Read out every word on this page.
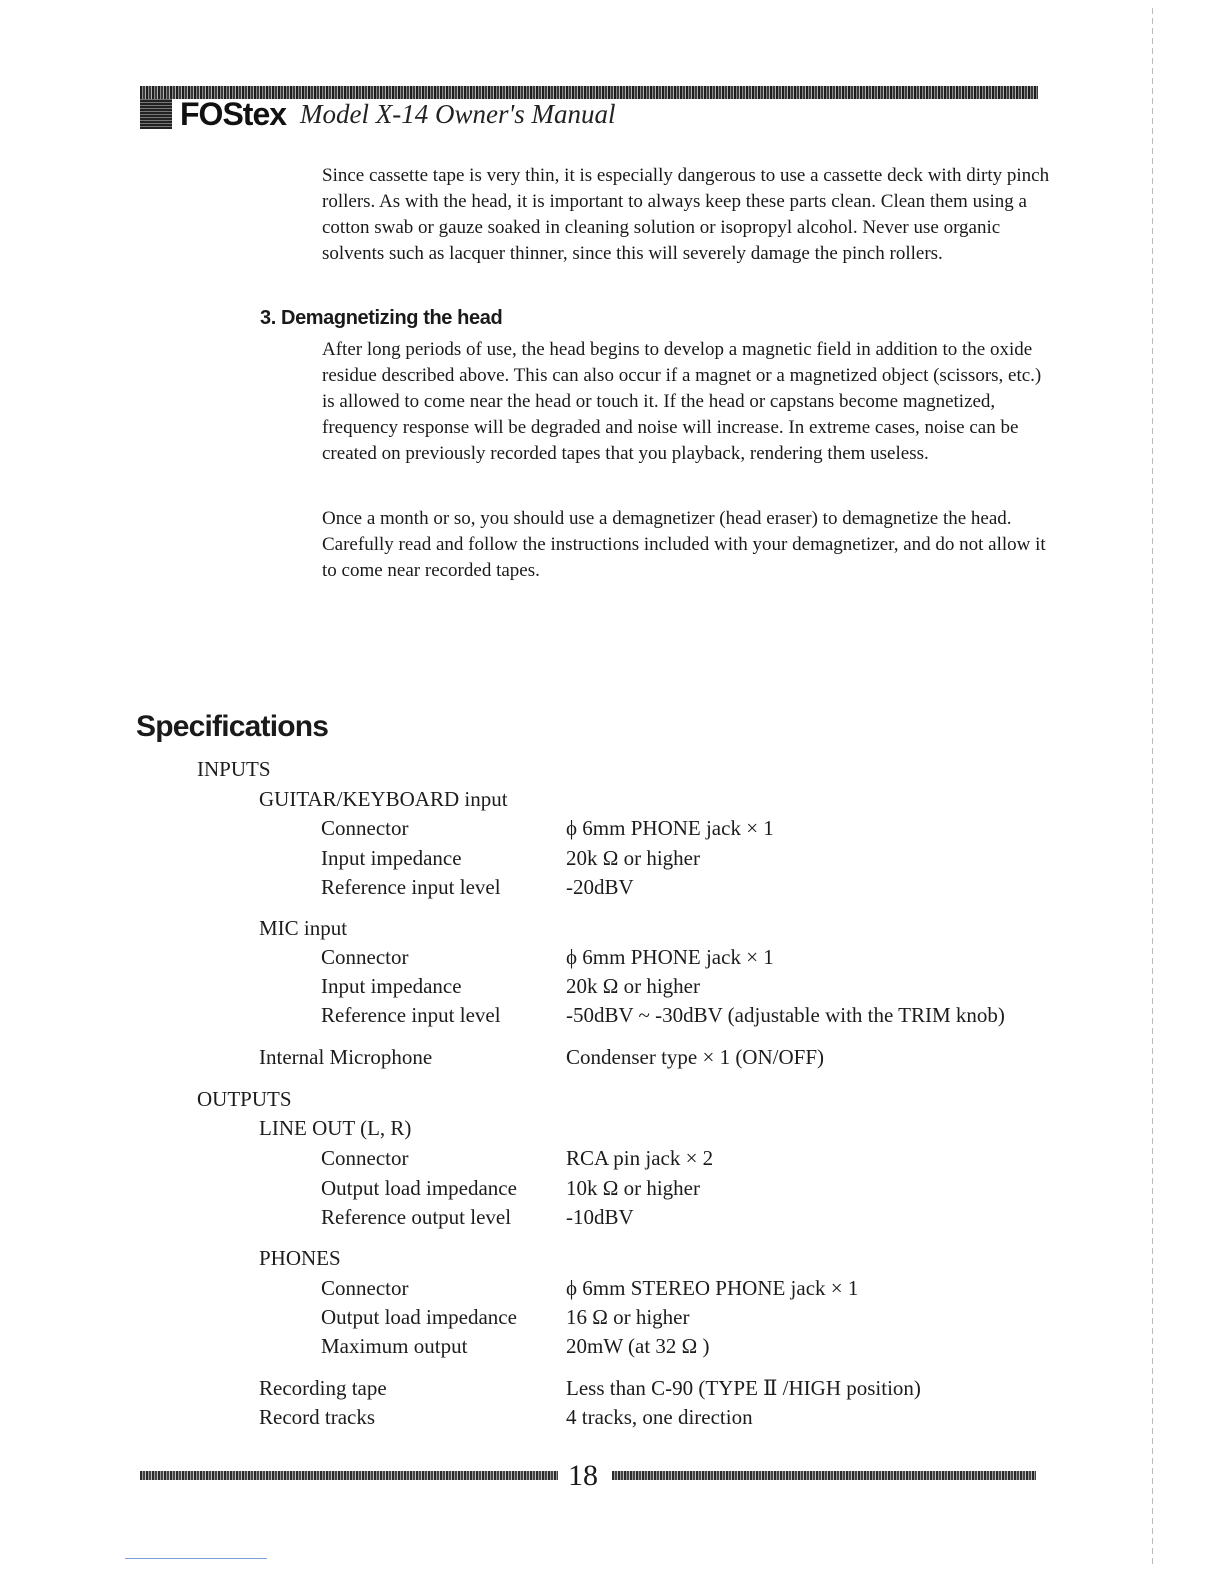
FOStex Model X-14 Owner's Manual
Since cassette tape is very thin, it is especially dangerous to use a cassette deck with dirty pinch rollers. As with the head, it is important to always keep these parts clean. Clean them using a cotton swab or gauze soaked in cleaning solution or isopropyl alcohol. Never use organic solvents such as lacquer thinner, since this will severely damage the pinch rollers.
3. Demagnetizing the head
After long periods of use, the head begins to develop a magnetic field in addition to the oxide residue described above. This can also occur if a magnet or a magnetized object (scissors, etc.) is allowed to come near the head or touch it. If the head or capstans become magnetized, frequency response will be degraded and noise will increase. In extreme cases, noise can be created on previously recorded tapes that you playback, rendering them useless.
Once a month or so, you should use a demagnetizer (head eraser) to demagnetize the head. Carefully read and follow the instructions included with your demagnetizer, and do not allow it to come near recorded tapes.
Specifications
INPUTS
GUITAR/KEYBOARD input
Connector	ϕ 6mm PHONE jack × 1
Input impedance	20k Ω or higher
Reference input level	-20dBV
MIC input
Connector	ϕ 6mm PHONE jack × 1
Input impedance	20k Ω or higher
Reference input level	-50dBV ~ -30dBV (adjustable with the TRIM knob)
Internal Microphone	Condenser type × 1 (ON/OFF)
OUTPUTS
LINE OUT (L, R)
Connector	RCA pin jack × 2
Output load impedance 10k Ω or higher
Reference output level	-10dBV
PHONES
Connector	ϕ 6mm STEREO PHONE jack × 1
Output load impedance 16 Ω or higher
Maximum output	20mW (at 32 Ω )
Recording tape	Less than C-90 (TYPE Ⅱ /HIGH position)
Record tracks	4 tracks, one direction
18
